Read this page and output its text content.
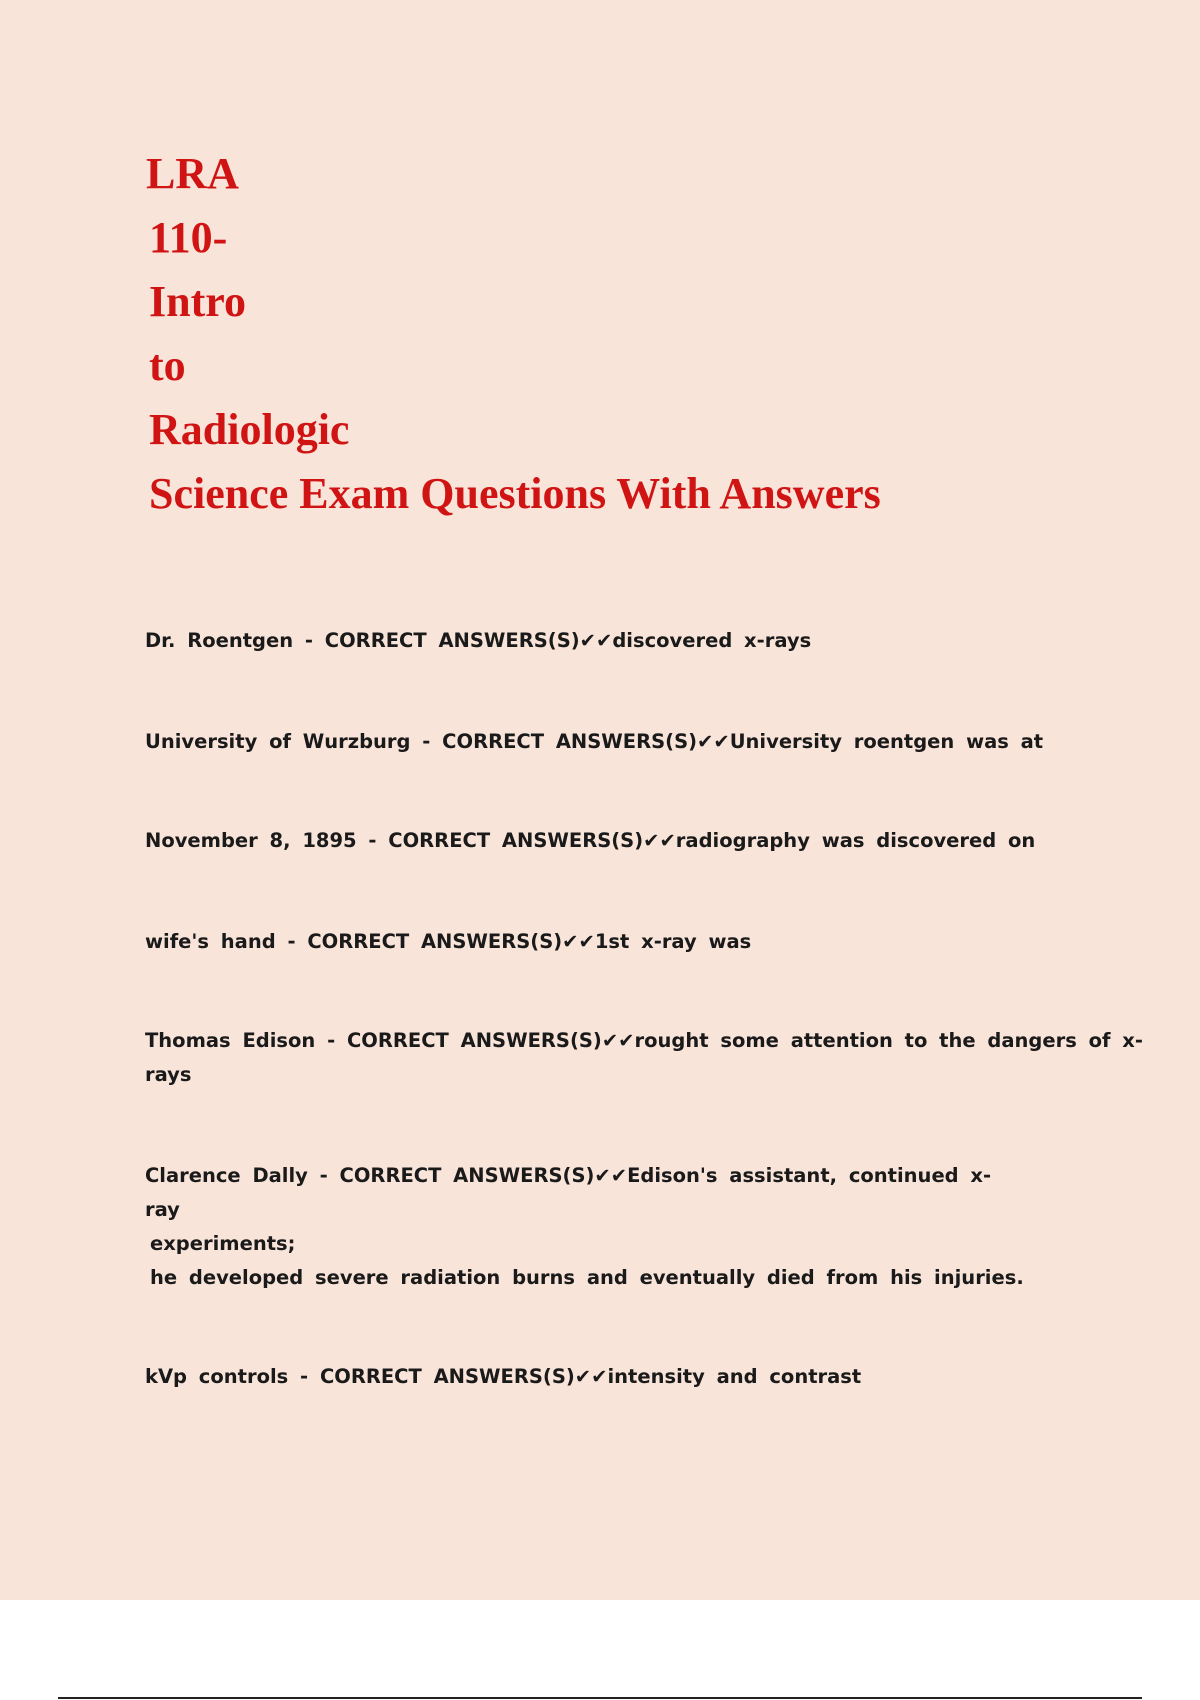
LRA
110-
Intro
to
Radiologic
Science Exam Questions With Answers
Dr. Roentgen - CORRECT ANSWERS(S)✔✔discovered x-rays
University of Wurzburg - CORRECT ANSWERS(S)✔✔University roentgen was at
November 8, 1895 - CORRECT ANSWERS(S)✔✔radiography was discovered on
wife's hand - CORRECT ANSWERS(S)✔✔1st x-ray was
Thomas Edison - CORRECT ANSWERS(S)✔✔rought some attention to the dangers of x-
rays
Clarence Dally - CORRECT ANSWERS(S)✔✔Edison's assistant, continued x-
ray
experiments;
he developed severe radiation burns and eventually died from his injuries.
kVp controls - CORRECT ANSWERS(S)✔✔intensity and contrast
